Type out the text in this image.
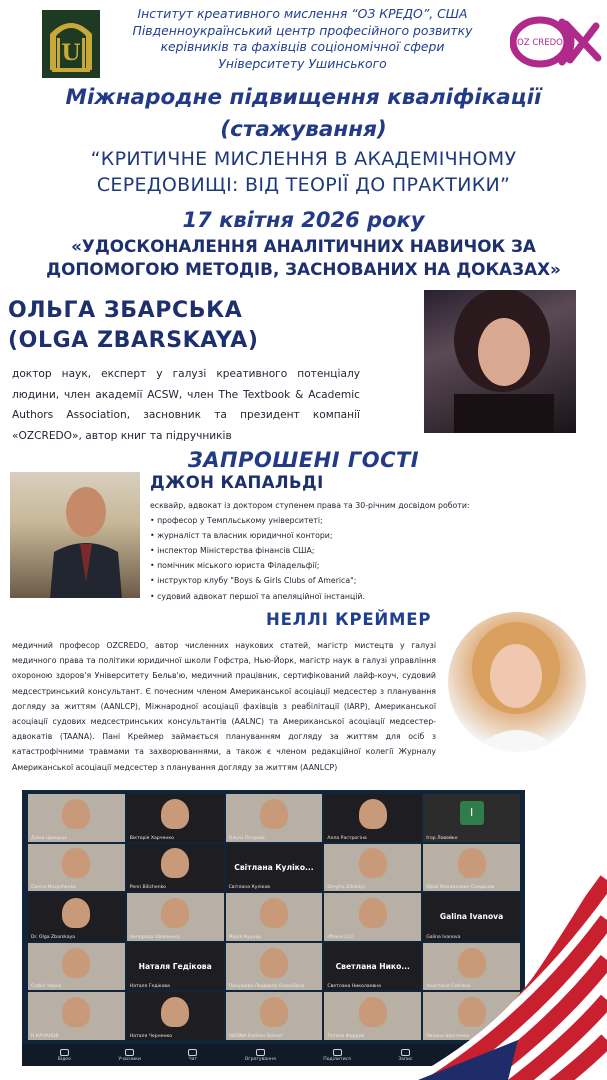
U
Інститут креативного мислення “ОЗ КРЕДО”, США
Південноукраїнський центр професійного розвитку
керівників та фахівців соціономічної сфери
Університету Ушинського
OZ CREDO
Міжнародне підвищення кваліфікації
(стажування)
“КРИТИЧНЕ МИСЛЕННЯ В АКАДЕМІЧНОМУ
СЕРЕДОВИЩІ: ВІД ТЕОРІЇ ДО ПРАКТИКИ”
17 квітня 2026 року
«УДОСКОНАЛЕННЯ АНАЛІТИЧНИХ НАВИЧОК ЗА
ДОПОМОГОЮ МЕТОДІВ, ЗАСНОВАНИХ НА ДОКАЗАХ»
ОЛЬГА ЗБАРСЬКА
(OLGA ZBARSKAYA)
доктор наук, експерт у галузі креативного потенціалу людини, член академії ACSW, член The Textbook & Academic Authors Association, засновник та президент компанії «OZCREDO», автор книг та підручників
ЗАПРОШЕНІ ГОСТІ
ДЖОН КАПАЛЬДІ
есквайр, адвокат із доктором ступенем права та 30-річним досвідом роботи:
• професор у Темпльському університеті;
• журналіст та власник юридичної контори;
• інспектор Міністерства фінансів США;
• помічник міського юриста Філадельфії;
• інструктор клубу "Boys & Girls Clubs of America";
• судовий адвокат першої та апеляційної інстанцій.
НЕЛЛІ КРЕЙМЕР
медичний професор OZCREDO, автор численних наукових статей, магістр мистецтв у галузі медичного права та політики юридичної школи Гофстра, Нью-Йорк, магістр наук в галузі управління охороною здоров'я Університету Бельв'ю, медичний працівник, сертифікований лайф-коуч, судовий медсестринський консультант. Є почесним членом Американської асоціації медсестер з планування догляду за життям (AANLCP), Міжнародної асоціації фахівців з реабілітації (IARP), Американської асоціації судових медсестринських консультантів (AALNC) та Американської асоціації медсестер-адвокатів (TAANA). Пані Креймер займається плануванням догляду за життям для осіб з катастрофічними травмами та захворюваннями, а також є членом редакційної колегії Журналу Американської асоціації медсестер з планування догляду за життям (AANLCP)
Діана Цимцьос	Вікторія Харченко	Ольга Петрова	Алла Растрогіна
I
Ігор Ловейко
Ganna Muzychenko	Penn Bilichenko
Світлана Куліко...
Світлана Куліков	Dmytro Zdolskyi	Юрій Михайлович Скиданов
Dr. Olga Zbarskaya	Непорада Шевченко	Мaрiя Кушнір	iPhone (11)
Galina Ivanova
Galina Ivanova
Софія Чорна
Наталя Гедікова
Наталя Гедікова	Панушева Людмила Олексіївна
Светлана Нико...
Светлана Николаевна	Анастасія Сей'яна
Н.КАЧАНОВ	Наталя Черненко	UKIDNA Fashion School	Тетяна Фурдуй	Оксана Шостенко
Відео	Учасники	Чат	Огрегування	Поділитися	Запис
